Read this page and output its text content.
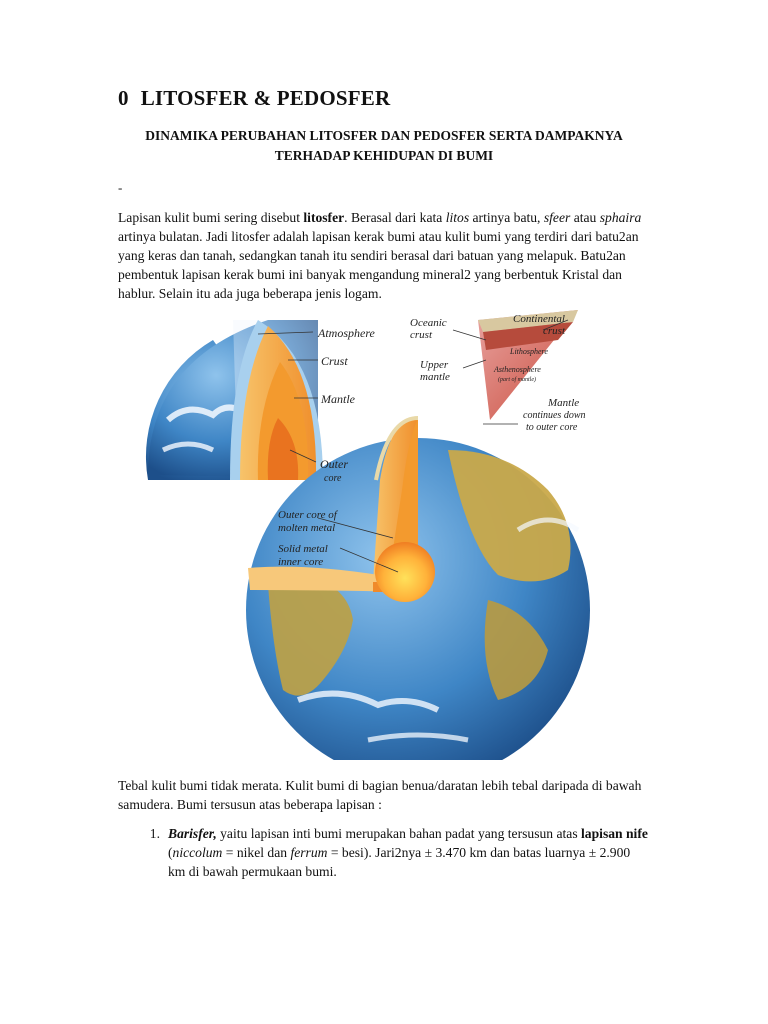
0 LITOSFER & PEDOSFER
DINAMIKA PERUBAHAN LITOSFER DAN PEDOSFER SERTA DAMPAKNYA
TERHADAP KEHIDUPAN DI BUMI
-
Lapisan kulit bumi sering disebut litosfer. Berasal dari kata litos artinya batu, sfeer atau sphaira artinya bulatan. Jadi litosfer adalah lapisan kerak bumi atau kulit bumi yang terdiri dari batu2an yang keras dan tanah, sedangkan tanah itu sendiri berasal dari batuan yang melapuk. Batu2an pembentuk lapisan kerak bumi ini banyak mengandung mineral2 yang berbentuk Kristal dan hablur. Selain itu ada juga beberapa jenis logam.
Atmosphere
Crust
Mantle
Outer
core
Outer core of
molten metal
Solid metal
inner core
Oceanic
crust
Continental
crust
Lithosphere
Asthenosphere
(part of mantle)
Upper
mantle
Mantle
continues down
to outer core
Tebal kulit bumi tidak merata. Kulit bumi di bagian benua/daratan lebih tebal daripada di bawah samudera. Bumi tersusun atas beberapa lapisan :
1. Barisfer, yaitu lapisan inti bumi merupakan bahan padat yang tersusun atas lapisan nife (niccolum = nikel dan ferrum = besi). Jari2nya ± 3.470 km dan batas luarnya ± 2.900 km di bawah permukaan bumi.
